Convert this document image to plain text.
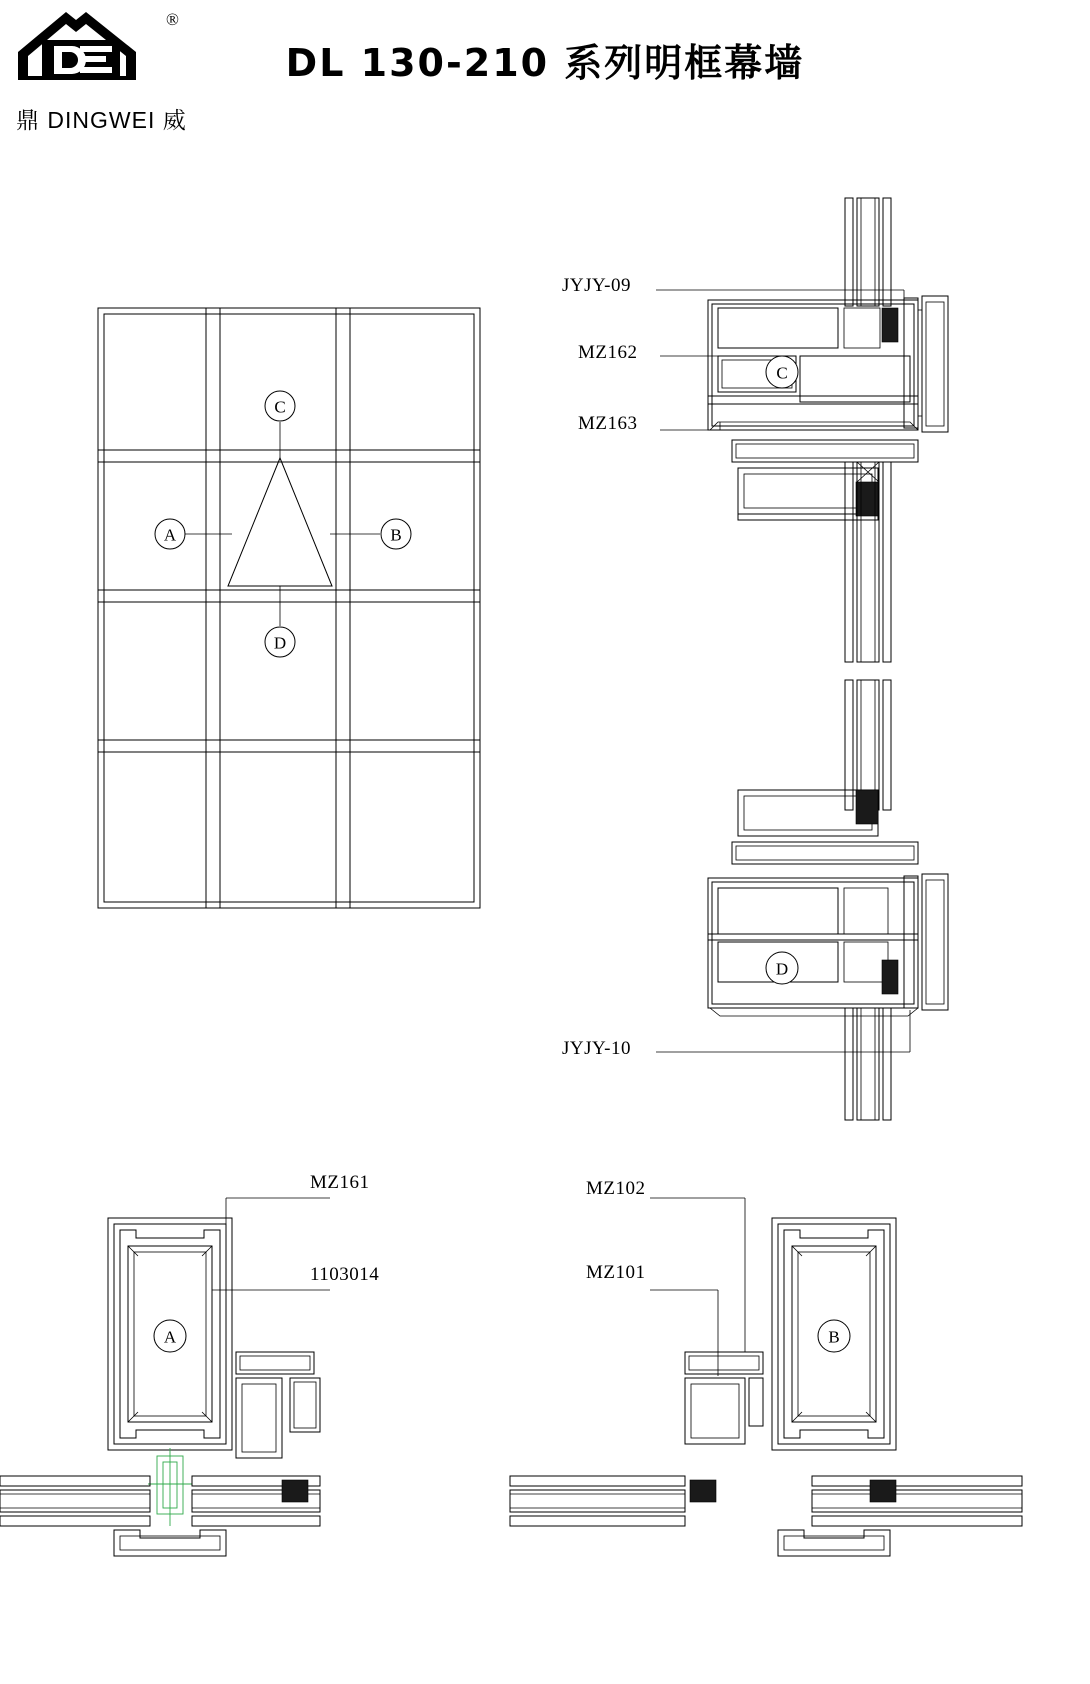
®
鼎 DINGWEI 威
DL 130-210 系列明框幕墙
C
D
A	B
C
D
JYJY-09
MZ162
MZ163
JYJY-10
A
MZ161
1103014
B
MZ102
MZ101
